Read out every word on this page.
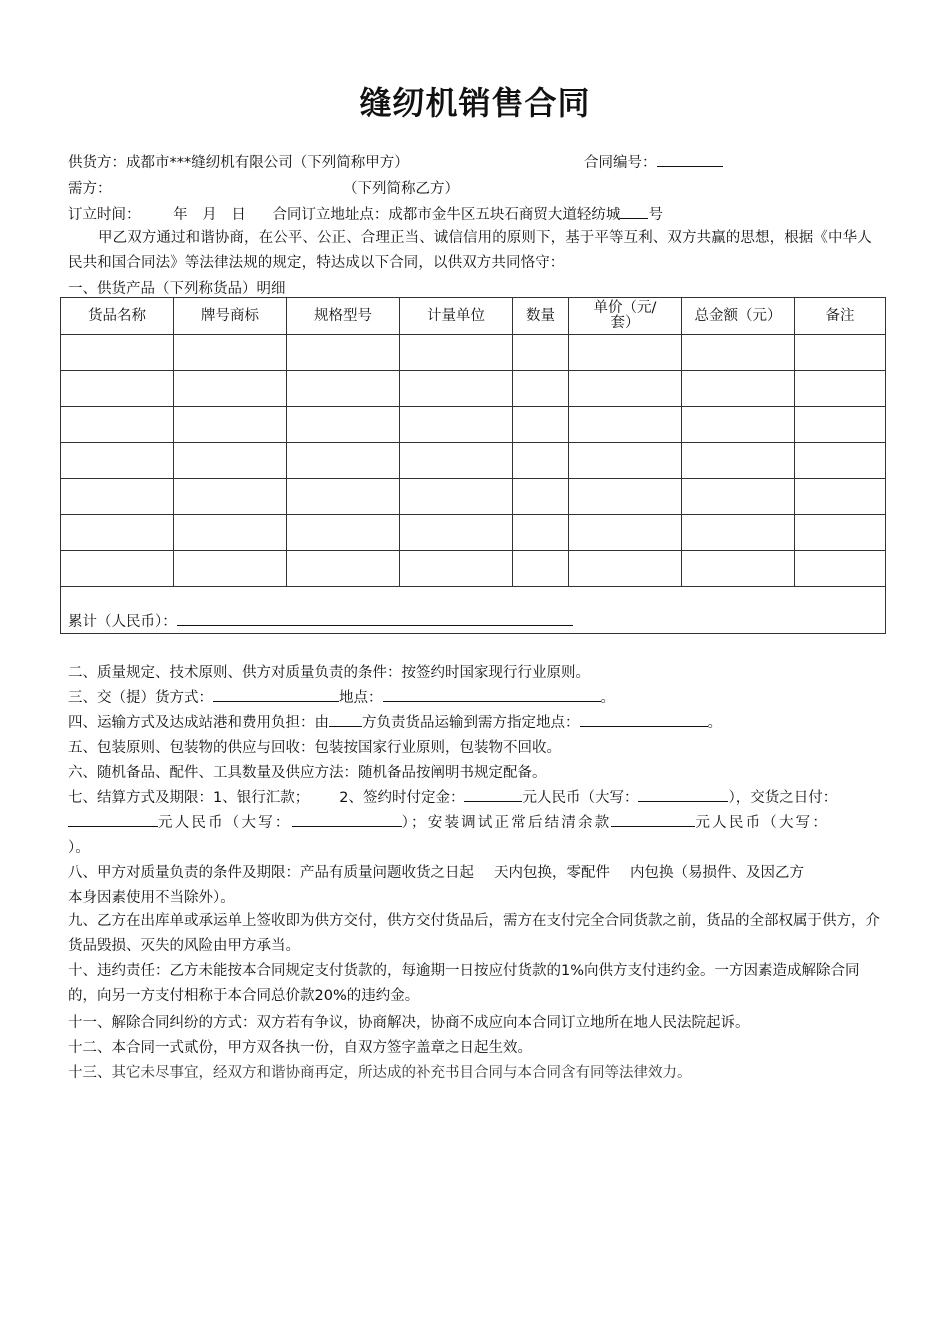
缝纫机销售合同
供货方：成都市***缝纫机有限公司（下列简称甲方）	合同编号：
需方：	（下列简称乙方）
订立时间： 年 月 日 合同订立地址点：成都市金牛区五块石商贸大道轻纺城 号
甲乙双方通过和谐协商，在公平、公正、合理正当、诚信信用的原则下，基于平等互利、双方共赢的思想，根据《中华人民共和国合同法》等法律法规的规定，特达成以下合同，以供双方共同恪守：
一、供货产品（下列称货品）明细
货品名称	牌号商标	规格型号	计量单位	数量	单价（元/套）	总金额（元）	备注

累计（人民币）：							
二、质量规定、技术原则、供方对质量负责的条件：按签约时国家现行行业原则。
三、交（提）货方式：	地点：	。
四、运输方式及达成站港和费用负担：由 方负责货品运输到需方指定地点：	。
五、包装原则、包装物的供应与回收：包装按国家行业原则，包装物不回收。
六、随机备品、配件、工具数量及供应方法：随机备品按阐明书规定配备。
七、结算方式及期限：1、银行汇款； 2、签约时付定金：	元人民币（大写：	），交货之日付：
元人民币（大写：	）；安装调试正常后结清余款	元人民币（大写：
）。
八、甲方对质量负责的条件及期限：产品有质量问题收货之日起 天内包换，零配件 内包换（易损件、及因乙方
本身因素使用不当除外）。
九、乙方在出库单或承运单上签收即为供方交付，供方交付货品后，需方在支付完全合同货款之前，货品的全部权属于供方，介货品毁损、灭失的风险由甲方承当。
十、违约责任：乙方未能按本合同规定支付货款的，每逾期一日按应付货款的1%向供方支付违约金。一方因素造成解除合同的，向另一方支付相称于本合同总价款20%的违约金。
十一、解除合同纠纷的方式：双方若有争议，协商解决，协商不成应向本合同订立地所在地人民法院起诉。
十二、本合同一式贰份，甲方双各执一份，自双方签字盖章之日起生效。
十三、其它未尽事宜，经双方和谐协商再定，所达成的补充书目合同与本合同含有同等法律效力。
